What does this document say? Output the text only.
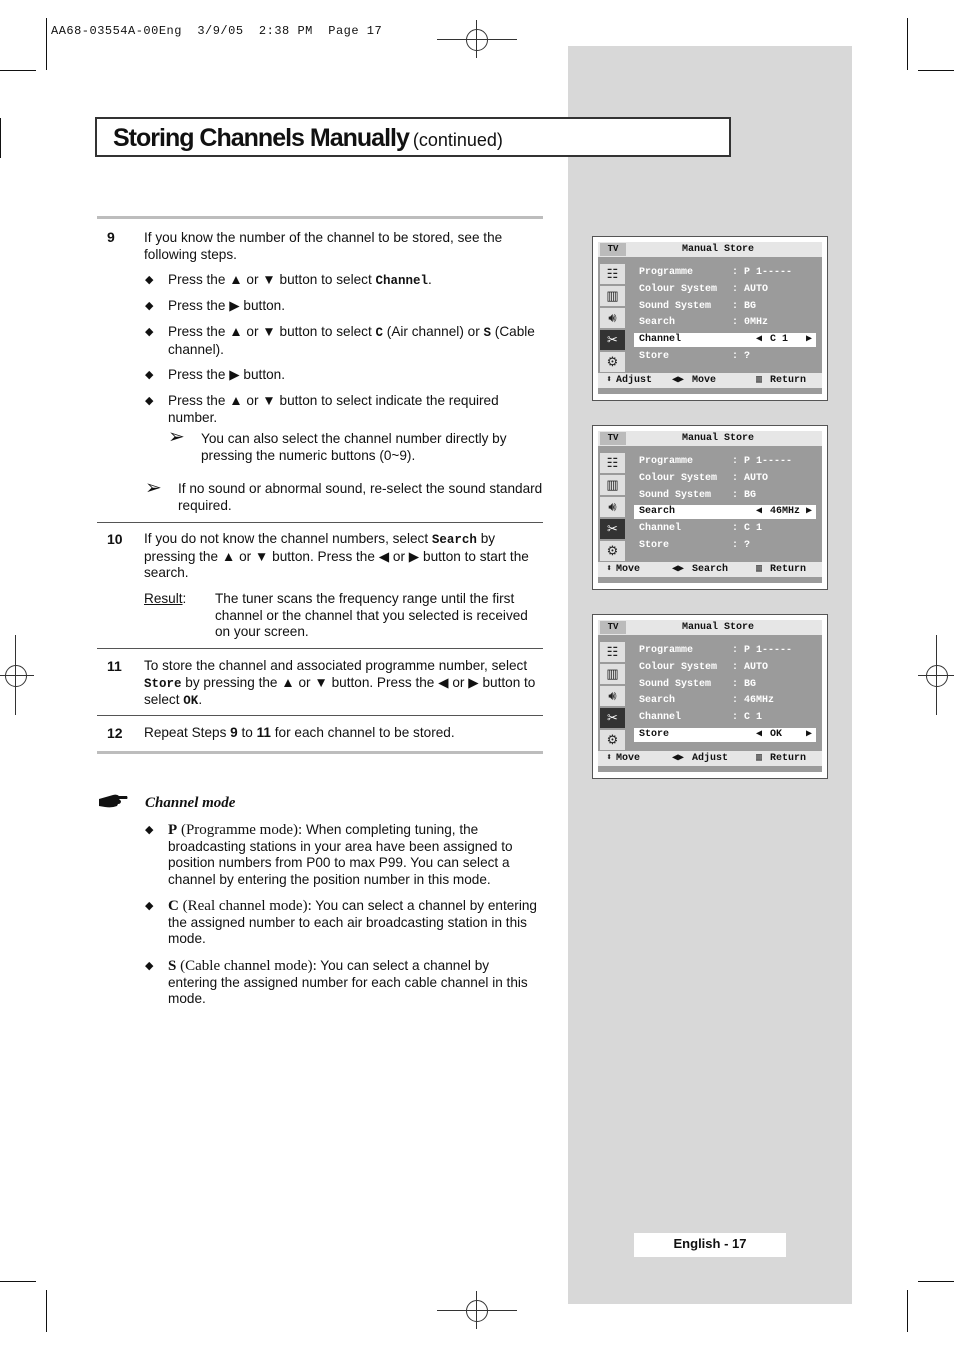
AA68-03554A-00Eng  3/9/05  2:38 PM  Page 17
Storing Channels Manually (continued)
9 If you know the number of the channel to be stored, see the following steps.
◆ Press the ▲ or ▼ button to select Channel.
◆ Press the ▶ button.
◆ Press the ▲ or ▼ button to select C (Air channel) or S (Cable channel).
◆ Press the ▶ button.
◆ Press the ▲ or ▼ button to select indicate the required number.
➢ You can also select the channel number directly by pressing the numeric buttons (0~9).
➢ If no sound or abnormal sound, re-select the sound standard required.
10 If you do not know the channel numbers, select Search by pressing the ▲ or ▼ button. Press the ◀ or ▶ button to start the search.
Result: The tuner scans the frequency range until the first channel or the channel that you selected is received on your screen.
11 To store the channel and associated programme number, select Store by pressing the ▲ or ▼ button. Press the ◀ or ▶ button to select OK.
12 Repeat Steps 9 to 11 for each channel to be stored.
Channel mode
◆ P (Programme mode): When completing tuning, the broadcasting stations in your area have been assigned to position numbers from P00 to max P99. You can select a channel by entering the position number in this mode.
◆ C (Real channel mode): You can select a channel by entering the assigned number to each air broadcasting station in this mode.
◆ S (Cable channel mode): You can select a channel by entering the assigned number for each cable channel in this mode.
TV	Manual Store
☷
▥
🔊︎
✂︎
⚙︎
Programme	: P 1-----
Colour System : AUTO
Sound System : BG
Search	: 0MHz
Channel	◀ C 1 ▶
Store	: ?
⬍ Adjust ◀▶ Move	▥ Return
TV	Manual Store
☷
▥
🔊︎
✂︎
⚙︎
Programme	: P 1-----
Colour System : AUTO
Sound System : BG
Search	◀ 46MHz ▶
Channel	: C 1
Store	: ?
⬍ Move	◀▶ Search	▥ Return
TV	Manual Store
☷
▥
🔊︎
✂︎
⚙︎
Programme	: P 1-----
Colour System : AUTO
Sound System : BG
Search	: 46MHz
Channel	: C 1
Store	◀ OK ▶
⬍ Move	◀▶ Adjust	▥ Return
English - 17
